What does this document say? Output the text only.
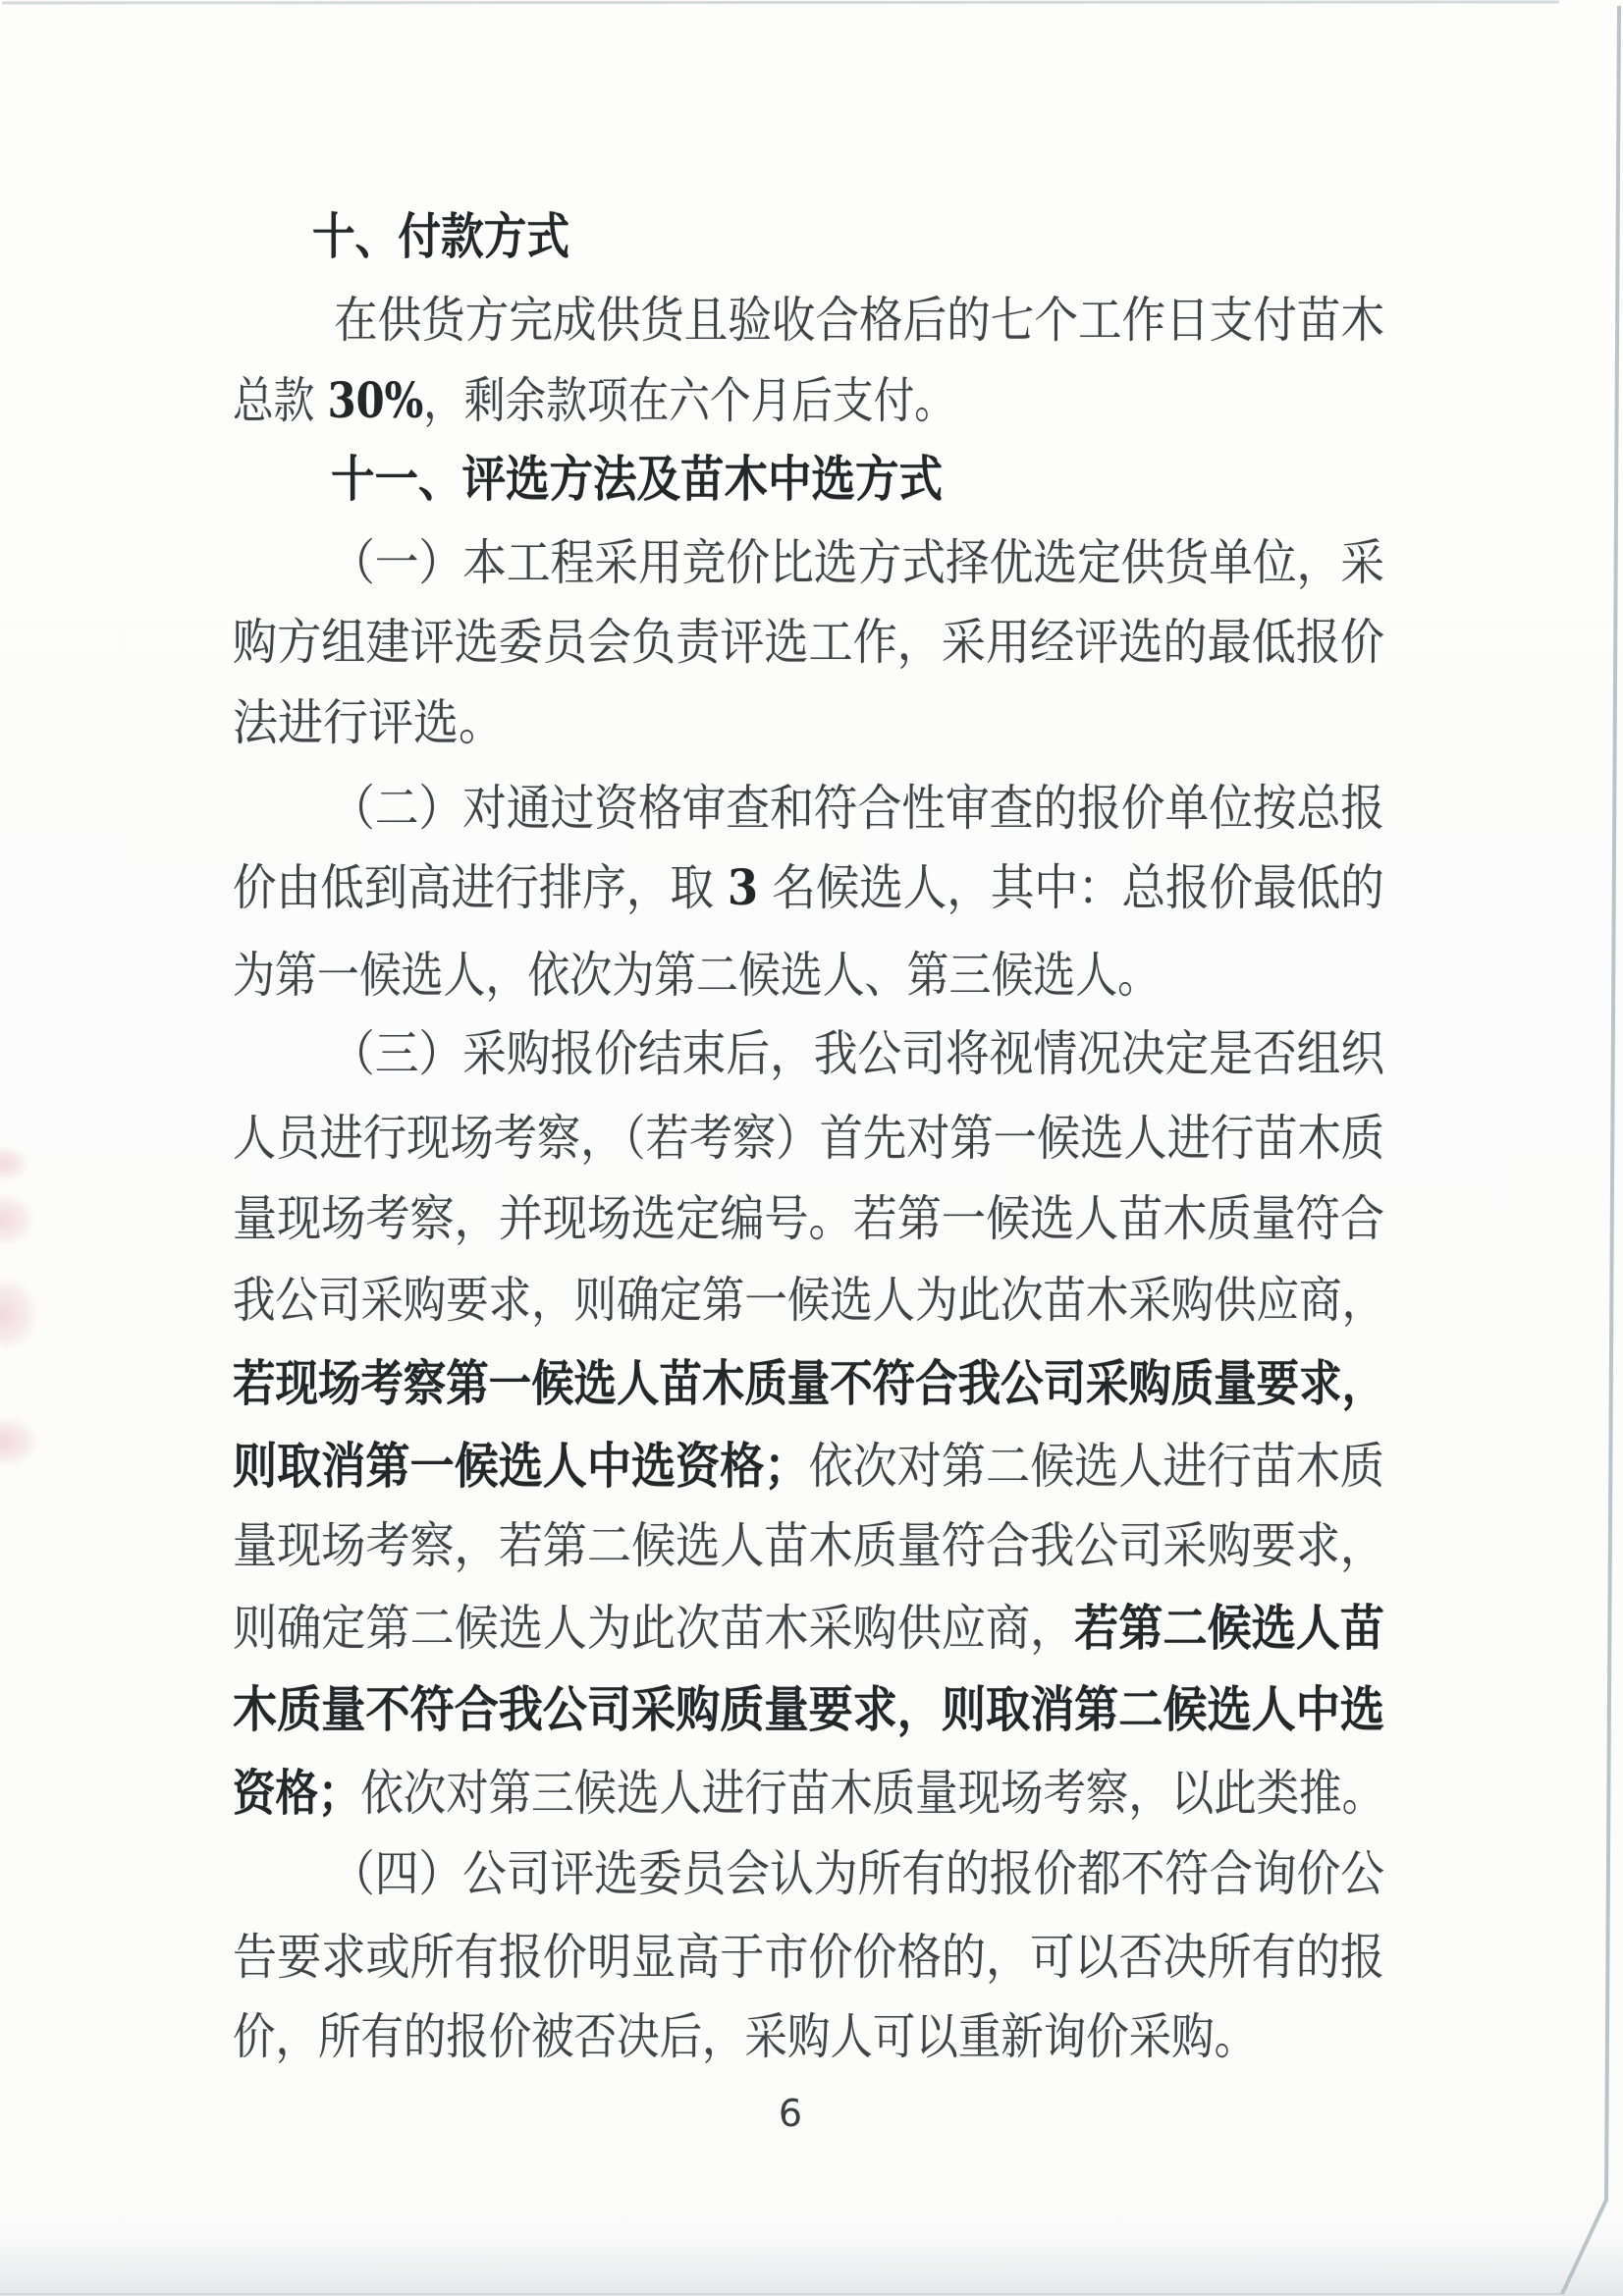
十、付款方式
在供货方完成供货且验收合格后的七个工作日支付苗木
总款 30%，剩余款项在六个月后支付。
十一、评选方法及苗木中选方式
（一）本工程采用竞价比选方式择优选定供货单位，采
购方组建评选委员会负责评选工作，采用经评选的最低报价
法进行评选。
（二）对通过资格审查和符合性审查的报价单位按总报
价由低到高进行排序，取 3 名候选人，其中：总报价最低的
为第一候选人，依次为第二候选人、第三候选人。
（三）采购报价结束后，我公司将视情况决定是否组织
人员进行现场考察，（若考察）首先对第一候选人进行苗木质
量现场考察，并现场选定编号。若第一候选人苗木质量符合
我公司采购要求，则确定第一候选人为此次苗木采购供应商，
若现场考察第一候选人苗木质量不符合我公司采购质量要求，
则取消第一候选人中选资格；依次对第二候选人进行苗木质
量现场考察，若第二候选人苗木质量符合我公司采购要求，
则确定第二候选人为此次苗木采购供应商，若第二候选人苗
木质量不符合我公司采购质量要求，则取消第二候选人中选
资格；依次对第三候选人进行苗木质量现场考察，以此类推。
（四）公司评选委员会认为所有的报价都不符合询价公
告要求或所有报价明显高于市价价格的，可以否决所有的报
价，所有的报价被否决后，采购人可以重新询价采购。
6
